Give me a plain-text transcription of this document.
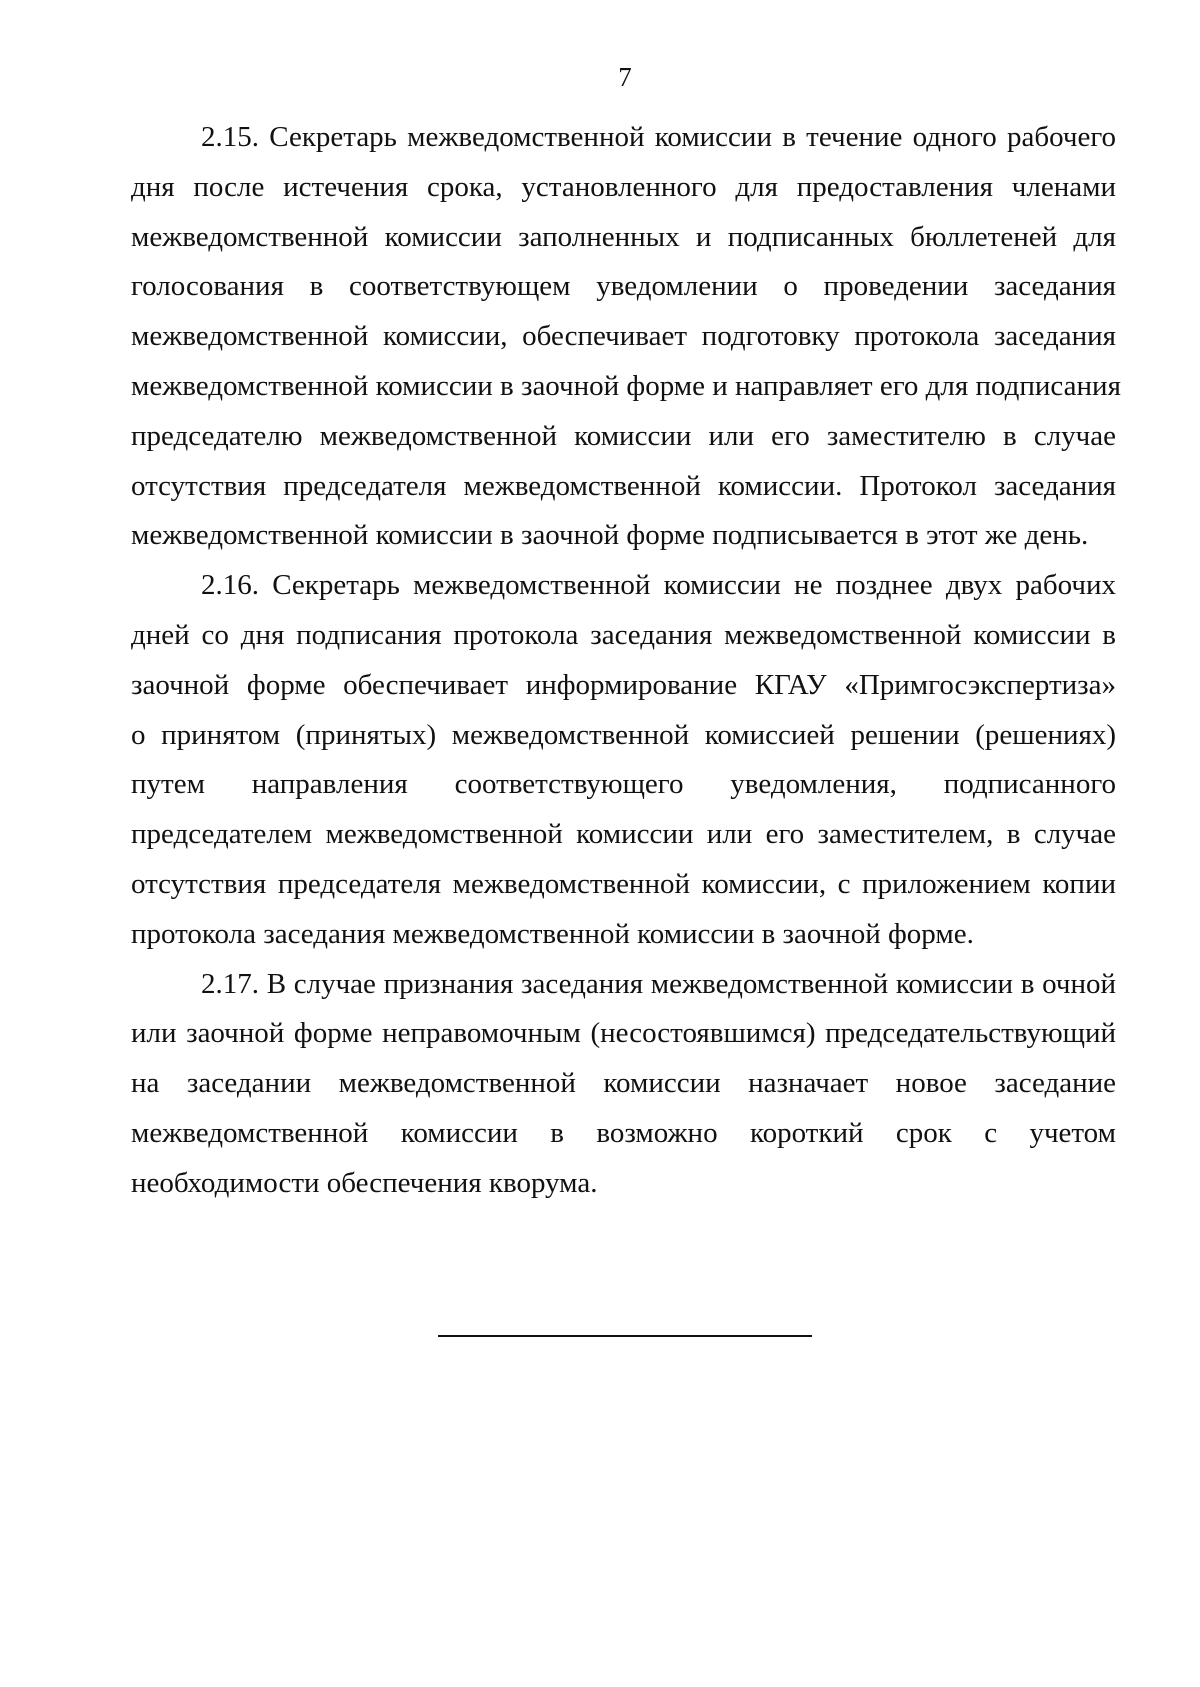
7

2.15. Секретарь межведомственной комиссии в течение одного рабочего
дня после истечения срока, установленного для предоставления членами
межведомственной комиссии заполненных и подписанных бюллетеней для
голосования в соответствующем уведомлении о проведении заседания
межведомственной комиссии, обеспечивает подготовку протокола заседания
межведомственной комиссии в заочной форме и направляет его для подписания
председателю межведомственной комиссии или его заместителю в случае
отсутствия председателя межведомственной комиссии. Протокол заседания
межведомственной комиссии в заочной форме подписывается в этот же день.

2.16. Секретарь межведомственной комиссии не позднее двух рабочих
дней со дня подписания протокола заседания межведомственной комиссии в
заочной форме обеспечивает информирование КГАУ «Примгосэкспертиза»
о принятом (принятых) межведомственной комиссией решении (решениях)
путем направления соответствующего уведомления, подписанного
председателем межведомственной комиссии или его заместителем, в случае
отсутствия председателя межведомственной комиссии, с приложением копии
протокола заседания межведомственной комиссии в заочной форме.

2.17. В случае признания заседания межведомственной комиссии в очной
или заочной форме неправомочным (несостоявшимся) председательствующий
на заседании межведомственной комиссии назначает новое заседание
межведомственной комиссии в возможно короткий срок с учетом
необходимости обеспечения кворума.
